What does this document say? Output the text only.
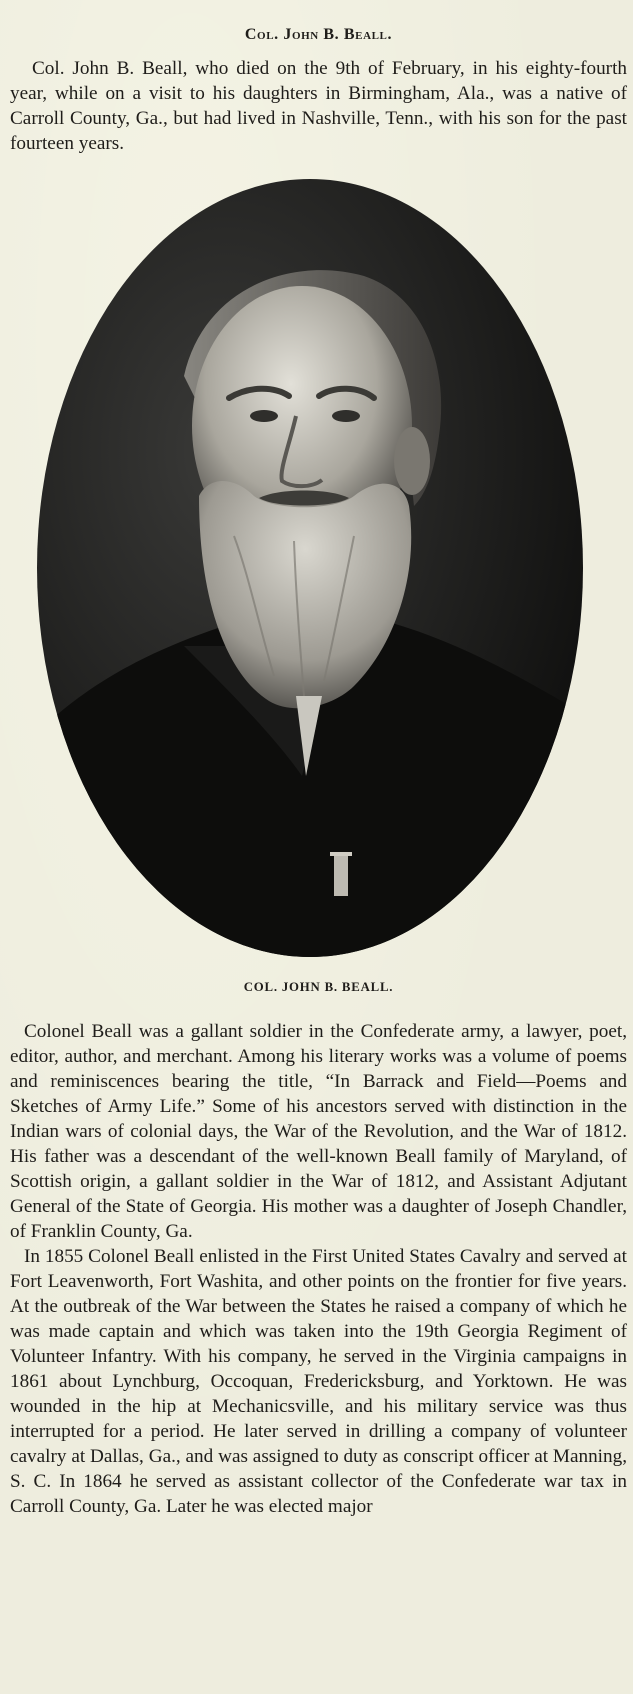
Col. John B. Beall.

Col. John B. Beall, who died on the 9th of February, in his eighty-fourth year, while on a visit to his daughters in Birmingham, Ala., was a native of Carroll County, Ga., but had lived in Nashville, Tenn., with his son for the past fourteen years.

COL. JOHN B. BEALL.

Colonel Beall was a gallant soldier in the Confederate army, a lawyer, poet, editor, author, and merchant. Among his literary works was a volume of poems and reminiscences bearing the title, “In Barrack and Field—Poems and Sketches of Army Life.” Some of his ancestors served with distinction in the Indian wars of colonial days, the War of the Revolution, and the War of 1812. His father was a descendant of the well-known Beall family of Maryland, of Scottish origin, a gallant soldier in the War of 1812, and Assistant Adjutant General of the State of Georgia. His mother was a daughter of Joseph Chandler, of Franklin County, Ga.

In 1855 Colonel Beall enlisted in the First United States Cavalry and served at Fort Leavenworth, Fort Washita, and other points on the frontier for five years. At the outbreak of the War between the States he raised a company of which he was made captain and which was taken into the 19th Georgia Regiment of Volunteer Infantry. With his company, he served in the Virginia campaigns in 1861 about Lynchburg, Occoquan, Fredericksburg, and Yorktown. He was wounded in the hip at Mechanicsville, and his military service was thus interrupted for a period. He later served in drilling a company of volunteer cavalry at Dallas, Ga., and was assigned to duty as conscript officer at Manning, S. C. In 1864 he served as assistant collector of the Confederate war tax in Carroll County, Ga. Later he was elected major
